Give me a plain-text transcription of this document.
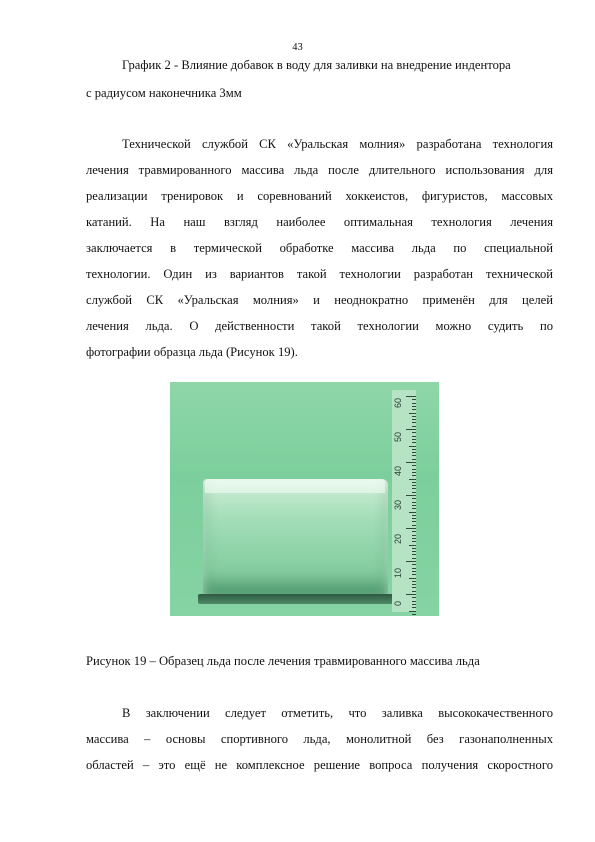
43
График 2 - Влияние добавок в воду для заливки на внедрение индентора
с радиусом наконечника 3мм
Технической службой СК «Уральская молния» разработана технология
лечения травмированного массива льда после длительного использования для
реализации тренировок и соревнований хоккеистов, фигуристов, массовых
катаний. На наш взгляд наиболее оптимальная технология лечения
заключается в термической обработке массива льда по специальной
технологии. Один из вариантов такой технологии разработан технической
службой СК «Уральская молния» и неоднократно применён для целей
лечения льда. О действенности такой технологии можно судить по
фотографии образца льда (Рисунок 19).
60
50
40
30
20
10
0
Рисунок 19 – Образец льда после лечения травмированного массива льда
В заключении следует отметить, что заливка высококачественного
массива – основы спортивного льда, монолитной без газонаполненных
областей – это ещё не комплексное решение вопроса получения скоростного
